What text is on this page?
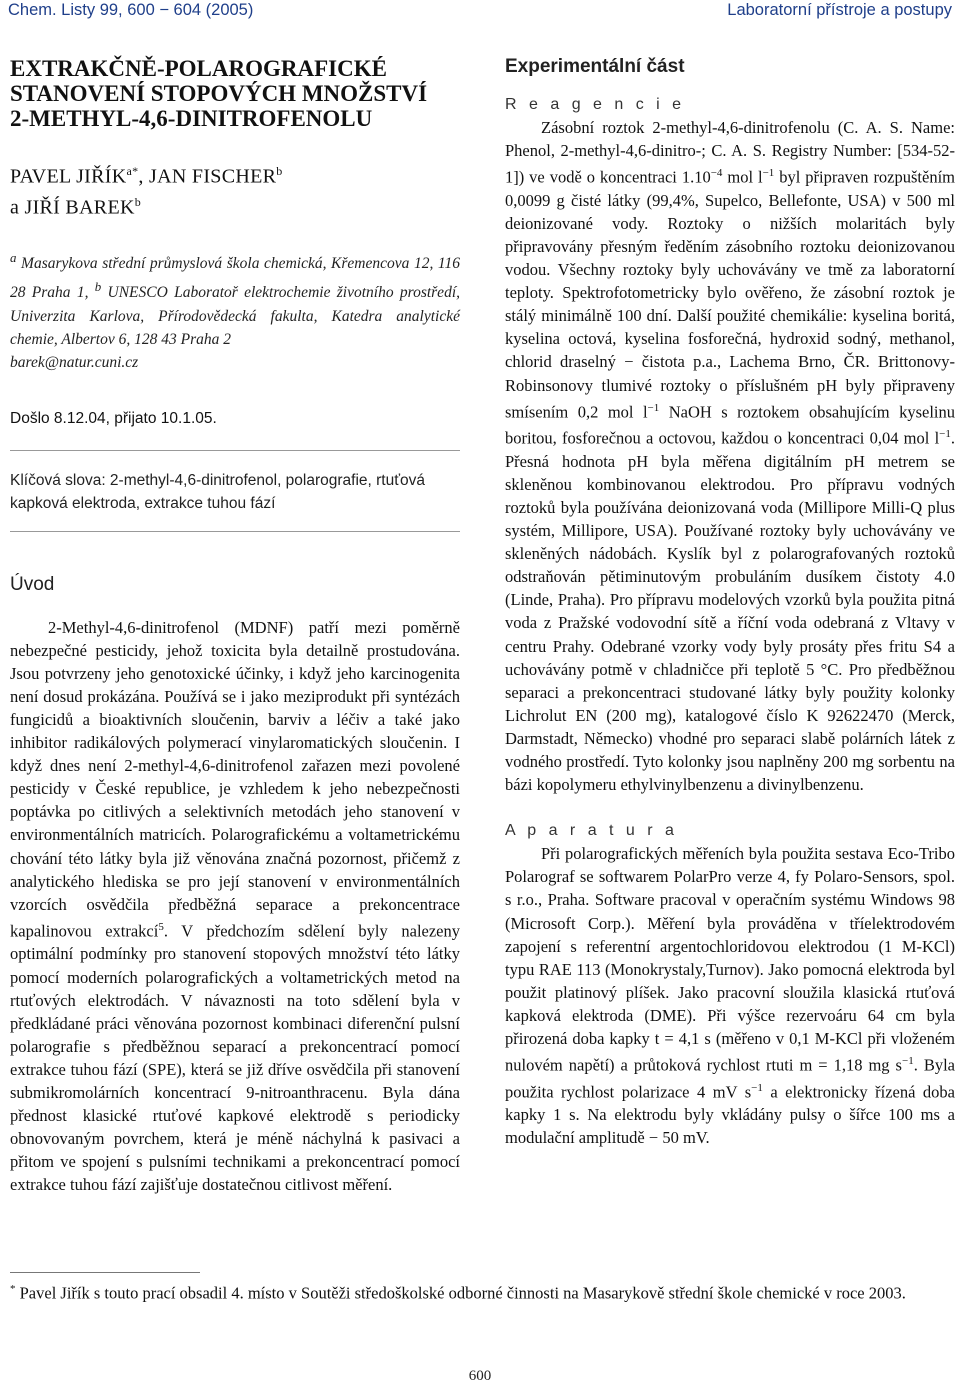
Chem. Listy 99, 600 − 604 (2005)	Laboratorní přístroje a postupy
EXTRAKČNĚ-POLAROGRAFICKÉ
STANOVENÍ STOPOVÝCH MNOŽSTVÍ
2-METHYL-4,6-DINITROFENOLU
PAVEL $JIŘÍK^{a*}$, JAN FISCHER$^b$
a JIŘÍ BAREK$^b$
$^a$ Masarykova střední průmyslová škola chemická, Křemencova 12, 116 28 Praha 1, $^b$ UNESCO Laboratoř elektrochemie životního prostředí, Univerzita Karlova, Přírodovědecká fakulta, Katedra analytické chemie, Albertov 6, 128 43 Praha 2
barek@natur.cuni.cz
Došlo 8.12.04, přijato 10.1.05.
Klíčová slova: 2-methyl-4,6-dinitrofenol, polarografie, rtuťová kapková elektroda, extrakce tuhou fází
Úvod

2-Methyl-4,6-dinitrofenol (MDNF) patří mezi poměrně nebezpečné pesticidy, jehož toxicita byla detailně prostudována. Jsou potvrzeny jeho genotoxické účinky, i když jeho karcinogenita není dosud prokázána. Používá se i jako meziprodukt při syntézách fungicidů a bioaktivních sloučenin, barviv a léčiv a také jako inhibitor radikálových polymerací vinylaromatických sloučenin. I když dnes není 2-methyl-4,6-dinitrofenol zařazen mezi povolené pesticidy v České republice, je vzhledem k jeho nebezpečnosti poptávka po citlivých a selektivních metodách jeho stanovení v environmentálních matricích. Polarografickému a voltametrickému chování této látky byla již věnována značná pozornost, přičemž z analytického hlediska se pro její stanovení v environmentálních vzorcích osvědčila předběžná separace a prekoncentrace kapalinovou extrakcí$^5$. V předchozím sdělení byly nalezeny optimální podmínky pro stanovení stopových množství této látky pomocí moderních polarografických a voltametrických metod na rtuťových elektrodách. V návaznosti na toto sdělení byla v předkládané práci věnována pozornost kombinaci diferenční pulsní polarografie s předběžnou separací a prekoncentrací pomocí extrakce tuhou fází (SPE), která se již dříve osvědčila při stanovení submikromolárních koncentrací 9-nitroanthracenu. Byla dána přednost klasické rtuťové kapkové elektrodě s periodicky obnovovaným povrchem, která je méně náchylná k pasivaci a přitom ve spojení s pulsními technikami a prekoncentrací pomocí extrakce tuhou fází zajišťuje dostatečnou citlivost měření.

Experimentální část
R e a g e n c i e

Zásobní roztok 2-methyl-4,6-dinitrofenolu (C. A. S. Name: Phenol, 2-methyl-4,6-dinitro-; C. A. S. Registry Number: [534-52-1]) ve vodě o koncentraci $1.10^{-4}$ mol $l^{-1}$ byl připraven rozpuštěním 0,0099 g čisté látky (99,4%, Supelco, Bellefonte, USA) v 500 ml deionizované vody. Roztoky o nižších molaritách byly připravovány přesným ředěním zásobního roztoku deionizovanou vodou. Všechny roztoky byly uchovávány ve tmě za laboratorní teploty. Spektrofotometricky bylo ověřeno, že zásobní roztok je stálý minimálně 100 dní. Další použité chemikálie: kyselina boritá, kyselina octová, kyselina fosforečná, hydroxid sodný, methanol, chlorid draselný − čistota p.a., Lachema Brno, ČR. Brittonovy-Robinsonovy tlumivé roztoky o příslušném pH byly připraveny smísením 0,2 mol $l^{-1}$ NaOH s roztokem obsahujícím kyselinu boritou, fosforečnou a octovou, každou o koncentraci 0,04 mol $l^{-1}$. Přesná hodnota pH byla měřena digitálním pH metrem se skleněnou kombinovanou elektrodou. Pro přípravu vodných roztoků byla používána deionizovaná voda (Millipore Milli-Q plus systém, Millipore, USA). Používané roztoky byly uchovávány ve skleněných nádobách. Kyslík byl z polarografovaných roztoků odstraňován pětiminutovým probuláním dusíkem čistoty 4.0 (Linde, Praha). Pro přípravu modelových vzorků byla použita pitná voda z Pražské vodovodní sítě a říční voda odebraná z Vltavy v centru Prahy. Odebrané vzorky vody byly prosáty přes fritu S4 a uchovávány potmě v chladničce při teplotě 5 °C. Pro předběžnou separaci a prekoncentraci studované látky byly použity kolonky Lichrolut EN (200 mg), katalogové číslo K 92622470 (Merck, Darmstadt, Německo) vhodné pro separaci slabě polárních látek z vodného prostředí. Tyto kolonky jsou naplněny 200 mg sorbentu na bázi kopolymeru ethylvinylbenzenu a divinylbenzenu.

A p a r a t u r a

Při polarografických měřeních byla použita sestava Eco-Tribo Polarograf se softwarem PolarPro verze 4, fy Polaro-Sensors, spol. s r.o., Praha. Software pracoval v operačním systému Windows 98 (Microsoft Corp.). Měření byla prováděna v tříelektrodovém zapojení s referentní argentochloridovou elektrodou (1 M-KCl) typu RAE 113 (Monokrystaly,Turnov). Jako pomocná elektroda byl použit platinový plíšek. Jako pracovní sloužila klasická rtuťová kapková elektroda (DME). Při výšce rezervoáru 64 cm byla přirozená doba kapky t = 4,1 s (měřeno v 0,1 M-KCl při vloženém nulovém napětí) a průtoková rychlost rtuti m = 1,18 mg $s^{-1}$. Byla použita rychlost polarizace 4 mV $s^{-1}$ a elektronicky řízená doba kapky 1 s. Na elektrodu byly vkládány pulsy o šířce 100 ms a modulační amplitudě − 50 mV.

* Pavel Jiřík s touto prací obsadil 4. místo v Soutěži středoškolské odborné činnosti na Masarykově střední škole chemické v roce 2003.
600
